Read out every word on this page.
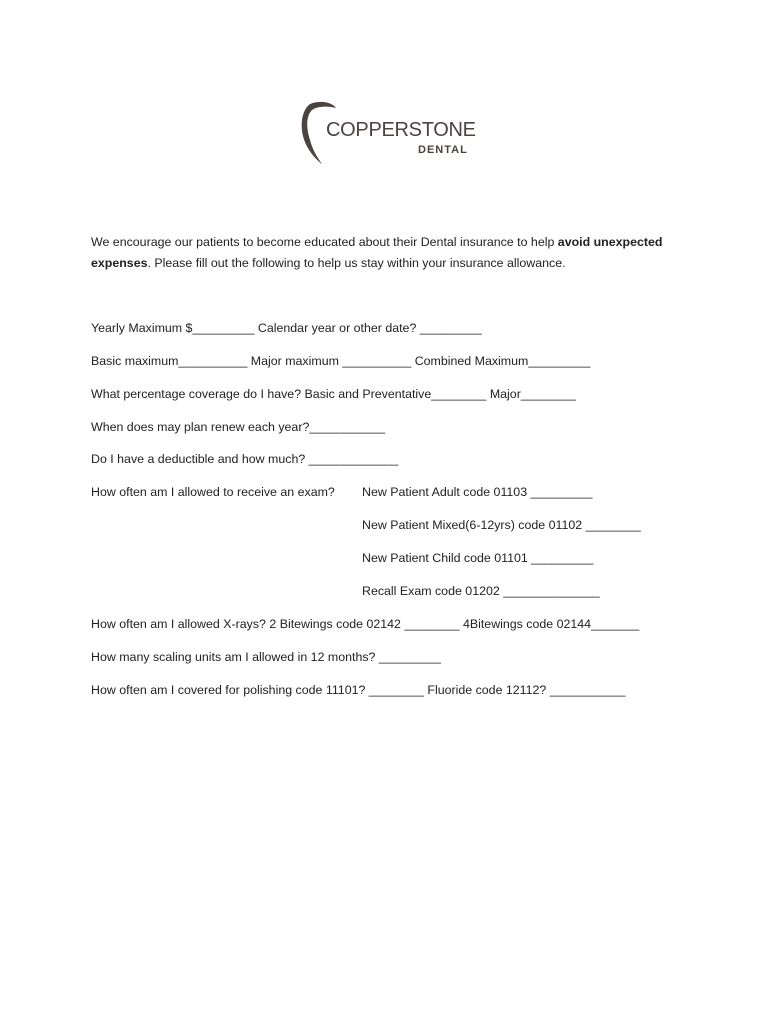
COPPERSTONE
DENTAL
We encourage our patients to become educated about their Dental insurance to help avoid unexpected expenses. Please fill out the following to help us stay within your insurance allowance.
Yearly Maximum $_________ Calendar year or other date? _________
Basic maximum__________ Major maximum __________ Combined Maximum_________
What percentage coverage do I have? Basic and Preventative________ Major________
When does may plan renew each year?___________
Do I have a deductible and how much? _____________
How often am I allowed to receive an exam? New Patient Adult code 01103 _________
New Patient Mixed(6-12yrs) code 01102 ________
New Patient Child code 01101 _________
Recall Exam code 01202 ______________
How often am I allowed X-rays? 2 Bitewings code 02142 ________ 4Bitewings code 02144_______
How many scaling units am I allowed in 12 months? _________
How often am I covered for polishing code 11101? ________ Fluoride code 12112? ___________
